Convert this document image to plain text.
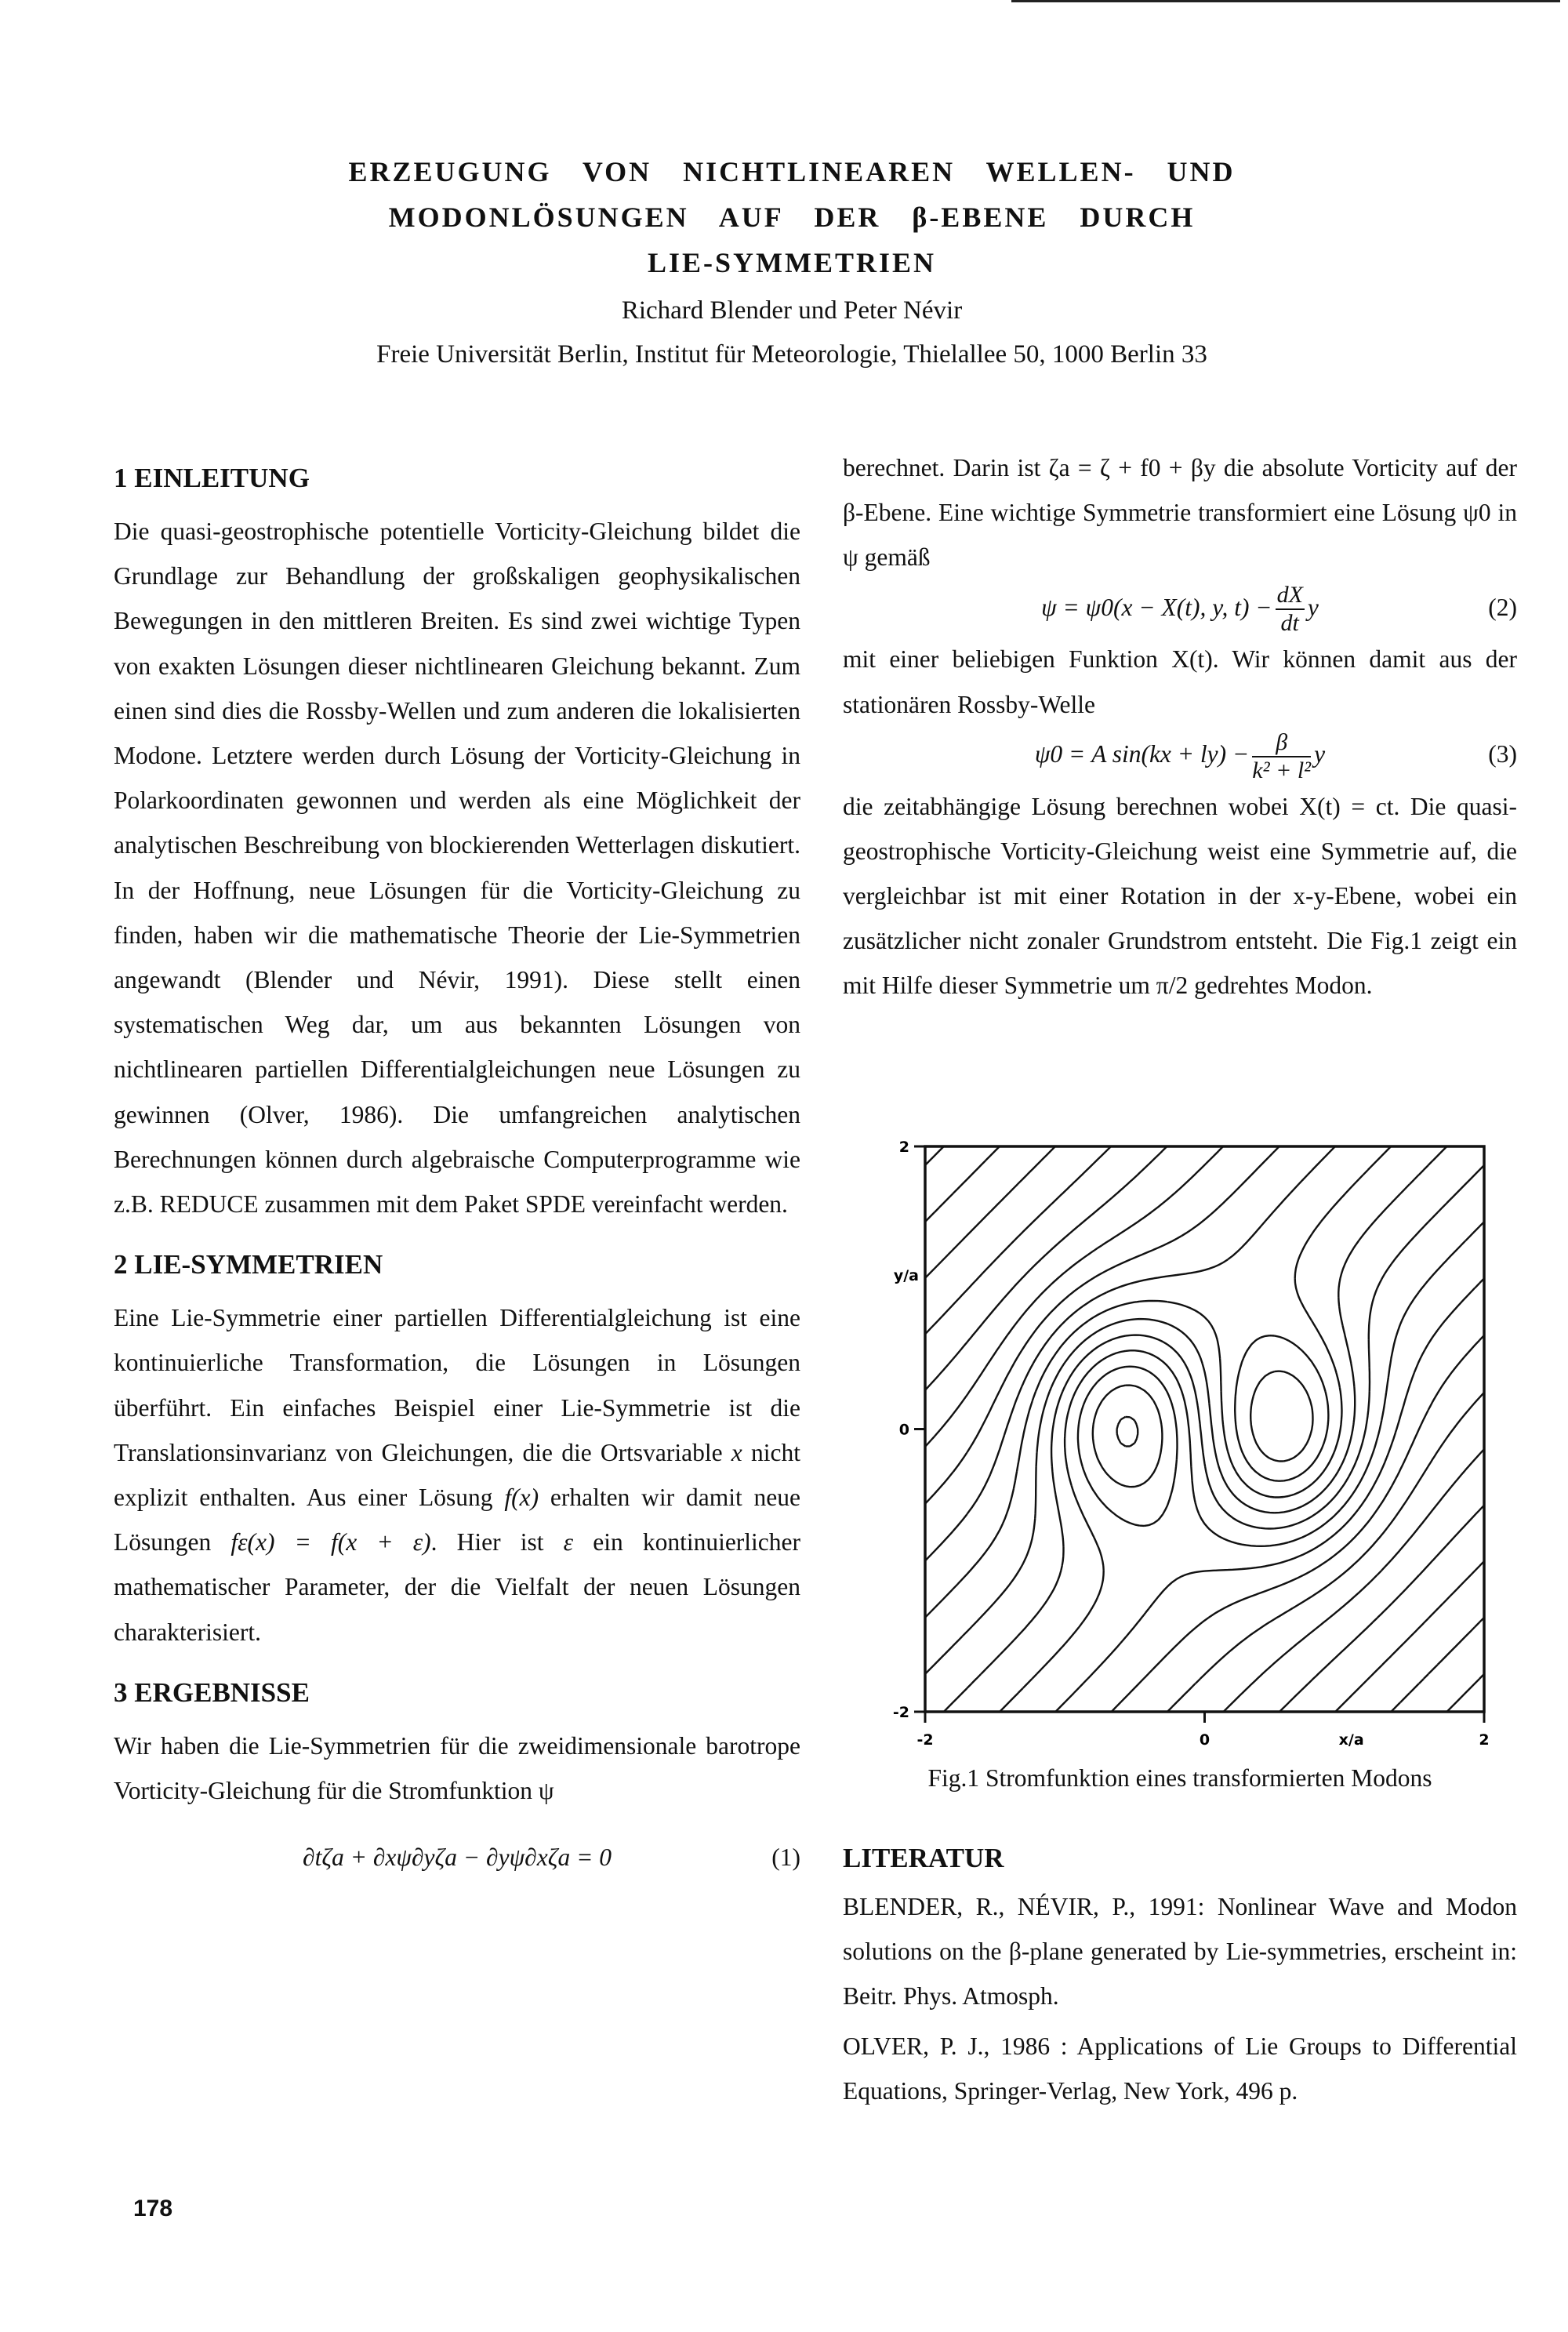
ERZEUGUNG VON NICHTLINEAREN WELLEN- UND
MODONLÖSUNGEN AUF DER β-EBENE DURCH
LIE-SYMMETRIEN
Richard Blender und Peter Névir
Freie Universität Berlin, Institut für Meteorologie, Thielallee 50, 1000 Berlin 33
1 EINLEITUNG

Die quasi-geostrophische potentielle Vorticity-Gleichung bildet die Grundlage zur Behandlung der großskaligen geophysikalischen Bewegungen in den mittleren Breiten. Es sind zwei wichtige Typen von exakten Lösungen dieser nichtlinearen Gleichung bekannt. Zum einen sind dies die Rossby-Wellen und zum anderen die lokalisierten Modone. Letztere werden durch Lösung der Vorticity-Gleichung in Polarkoordinaten gewonnen und werden als eine Möglichkeit der analytischen Beschreibung von blockierenden Wetterlagen diskutiert. In der Hoffnung, neue Lösungen für die Vorticity-Gleichung zu finden, haben wir die mathematische Theorie der Lie-Symmetrien angewandt (Blender und Névir, 1991). Diese stellt einen systematischen Weg dar, um aus bekannten Lösungen von nichtlinearen partiellen Differentialgleichungen neue Lösungen zu gewinnen (Olver, 1986). Die umfangreichen analytischen Berechnungen können durch algebraische Computerprogramme wie z.B. REDUCE zusammen mit dem Paket SPDE vereinfacht werden.

2 LIE-SYMMETRIEN

Eine Lie-Symmetrie einer partiellen Differentialgleichung ist eine kontinuierliche Transformation, die Lösungen in Lösungen überführt. Ein einfaches Beispiel einer Lie-Symmetrie ist die Translationsinvarianz von Gleichungen, die die Ortsvariable x nicht explizit enthalten. Aus einer Lösung f(x) erhalten wir damit neue Lösungen fε(x) = f(x + ε). Hier ist ε ein kontinuierlicher mathematischer Parameter, der die Vielfalt der neuen Lösungen charakterisiert.

3 ERGEBNISSE

Wir haben die Lie-Symmetrien für die zweidimensionale barotrope Vorticity-Gleichung für die Stromfunktion ψ

∂tζa + ∂xψ∂yζa − ∂yψ∂xζa = 0	(1)

berechnet. Darin ist ζa = ζ + f0 + βy die absolute Vorticity auf der β-Ebene. Eine wichtige Symmetrie transformiert eine Lösung ψ0 in ψ gemäß

ψ = ψ0(x − X(t), y, $t) - \frac{dX}{dt}$ y	(2)

mit einer beliebigen Funktion X(t). Wir können damit aus der stationären Rossby-Welle

ψ0 = A $\sin(kx + ly) - \frac{\beta}{\text{k² + l²}}$ y	(3)

die zeitabhängige Lösung berechnen wobei X(t) = ct. Die quasi-geostrophische Vorticity-Gleichung weist eine Symmetrie auf, die vergleichbar ist mit einer Rotation in der x-y-Ebene, wobei ein zusätzlicher nicht zonaler Grundstrom entsteht. Die Fig.1 zeigt ein mit Hilfe dieser Symmetrie um π/2 gedrehtes Modon.

-2	0	2
2
0
-2
x/a
y/a
Fig.1 Stromfunktion eines transformierten Modons
LITERATUR

BLENDER, R., NÉVIR, P., 1991: Nonlinear Wave and Modon solutions on the β-plane generated by Lie-symmetries, erscheint in: Beitr. Phys. Atmosph.

OLVER, P. J., 1986 : Applications of Lie Groups to Differential Equations, Springer-Verlag, New York, 496 p.

178
